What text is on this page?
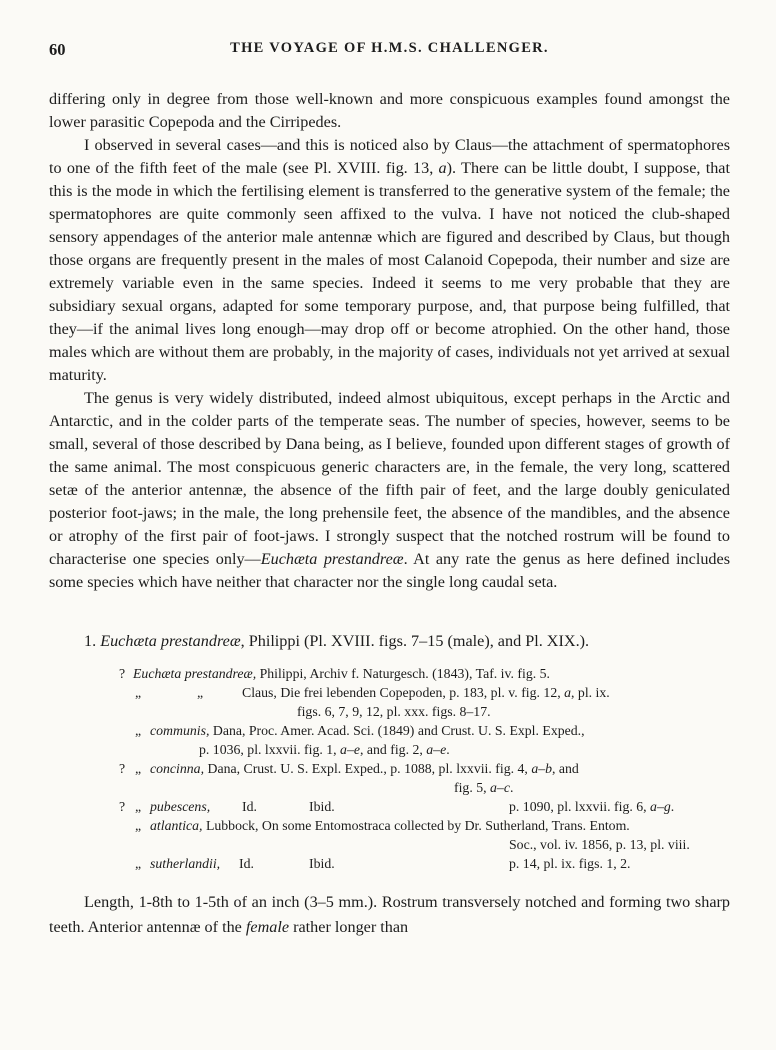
60	THE VOYAGE OF H.M.S. CHALLENGER.

differing only in degree from those well-known and more conspicuous examples found amongst the lower parasitic Copepoda and the Cirripedes.

I observed in several cases—and this is noticed also by Claus—the attachment of spermatophores to one of the fifth feet of the male (see Pl. XVIII. fig. 13, a). There can be little doubt, I suppose, that this is the mode in which the fertilising element is transferred to the generative system of the female; the spermatophores are quite commonly seen affixed to the vulva. I have not noticed the club-shaped sensory appendages of the anterior male antennæ which are figured and described by Claus, but though those organs are frequently present in the males of most Calanoid Copepoda, their number and size are extremely variable even in the same species. Indeed it seems to me very probable that they are subsidiary sexual organs, adapted for some temporary purpose, and, that purpose being fulfilled, that they—if the animal lives long enough—may drop off or become atrophied. On the other hand, those males which are without them are probably, in the majority of cases, individuals not yet arrived at sexual maturity.

The genus is very widely distributed, indeed almost ubiquitous, except perhaps in the Arctic and Antarctic, and in the colder parts of the temperate seas. The number of species, however, seems to be small, several of those described by Dana being, as I believe, founded upon different stages of growth of the same animal. The most conspicuous generic characters are, in the female, the very long, scattered setæ of the anterior antennæ, the absence of the fifth pair of feet, and the large doubly geniculated posterior foot-jaws; in the male, the long prehensile feet, the absence of the mandibles, and the absence or atrophy of the first pair of foot-jaws. I strongly suspect that the notched rostrum will be found to characterise one species only—Euchæta prestandreæ. At any rate the genus as here defined includes some species which have neither that character nor the single long caudal seta.

1. Euchæta prestandreæ, Philippi (Pl. XVIII. figs. 7–15 (male), and Pl. XIX.).
? Euchæta prestandreæ, Philippi, Archiv f. Naturgesch. (1843), Taf. iv. fig. 5.
„	„	Claus, Die frei lebenden Copepoden, p. 183, pl. v. fig. 12, a, pl. ix.
figs. 6, 7, 9, 12, pl. xxx. figs. 8–17.
„ communis, Dana, Proc. Amer. Acad. Sci. (1849) and Crust. U. S. Expl. Exped.,
p. 1036, pl. lxxvii. fig. 1, a–e, and fig. 2, a–e.
? „ concinna, Dana, Crust. U. S. Expl. Exped., p. 1088, pl. lxxvii. fig. 4, a–b, and
fig. 5, a–c.
? „ pubescens, Id.	Ibid.	p. 1090, pl. lxxvii. fig. 6, a–g.
„ atlantica, Lubbock, On some Entomostraca collected by Dr. Sutherland, Trans. Entom.
Soc., vol. iv. 1856, p. 13, pl. viii.
„ sutherlandii, Id.	Ibid.	p. 14, pl. ix. figs. 1, 2.
Length, 1-8th to 1-5th of an inch (3–5 mm.). Rostrum transversely notched and forming two sharp teeth. Anterior antennæ of the female rather longer than
